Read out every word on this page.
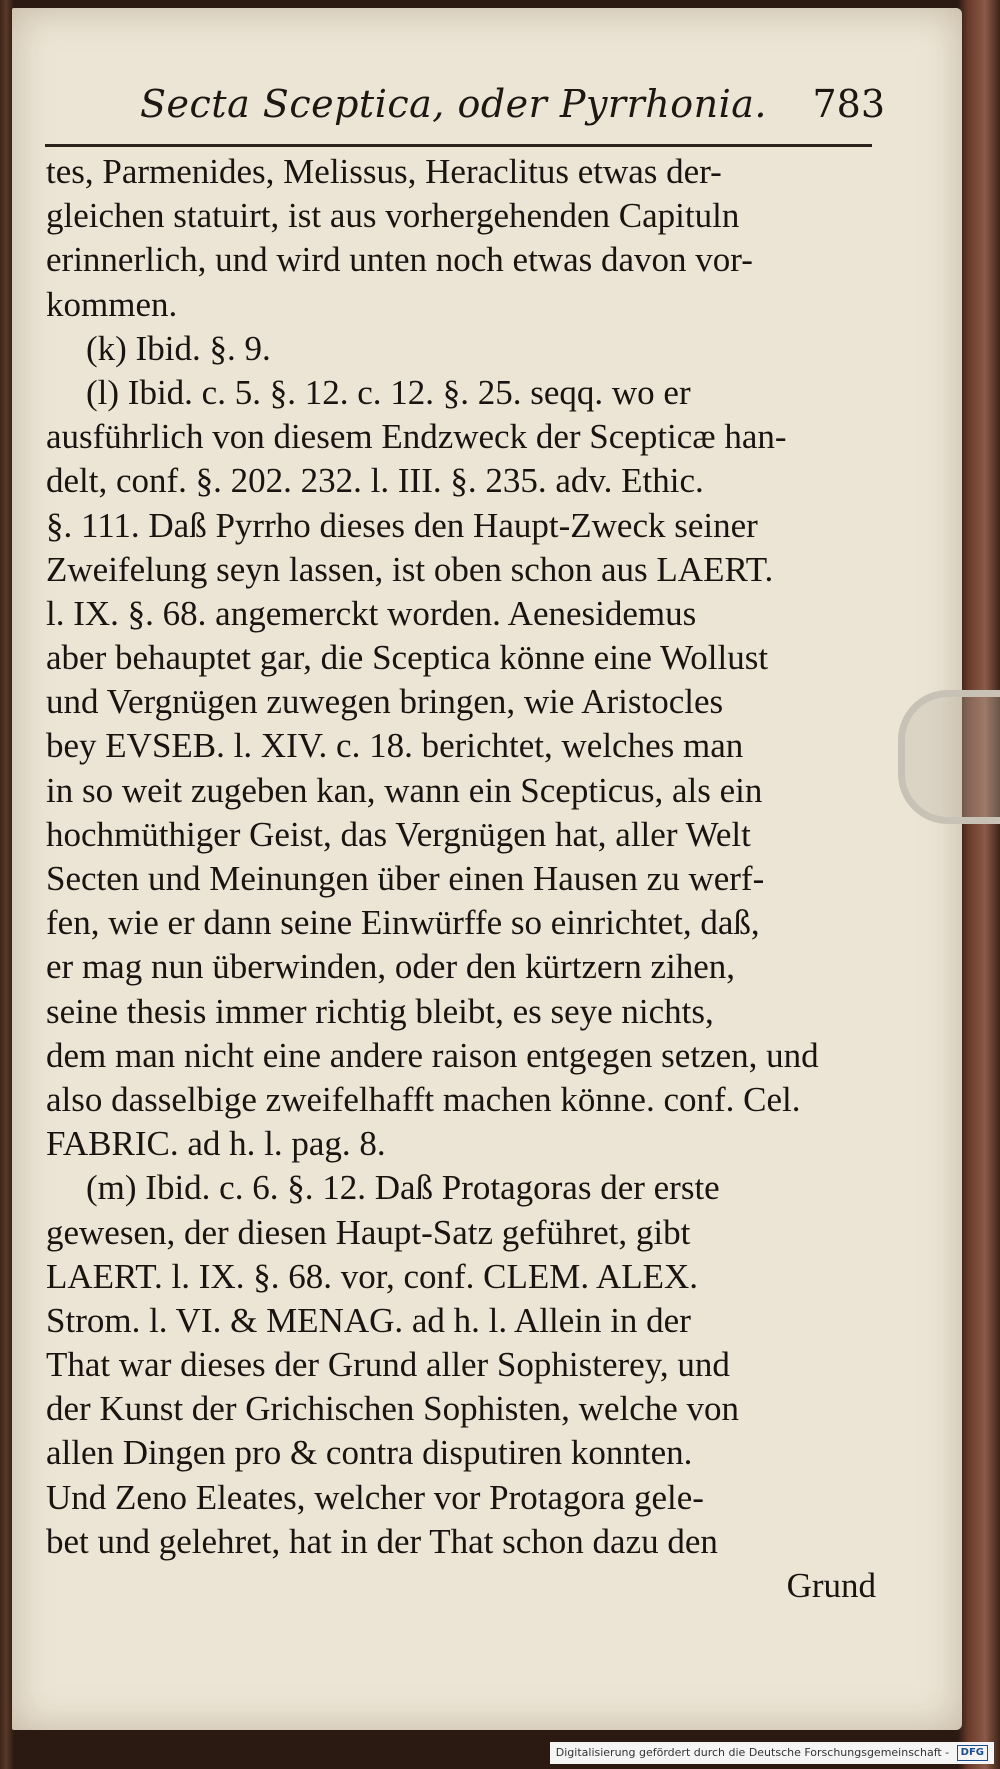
Secta Sceptica, oder Pyrrhonia. 783
tes, Parmenides, Melissus, Heraclitus etwas der-
gleichen statuirt, ist aus vorhergehenden Capituln
erinnerlich, und wird unten noch etwas davon vor-
kommen.
(k) Ibid. §. 9.
(l) Ibid. c. 5. §. 12. c. 12. §. 25. seqq. wo er
ausführlich von diesem Endzweck der Scepticæ han-
delt, conf. §. 202. 232. l. III. §. 235. adv. Ethic.
§. 111. Daß Pyrrho dieses den Haupt-Zweck seiner
Zweifelung seyn lassen, ist oben schon aus LAERT.
l. IX. §. 68. angemerckt worden. Aenesidemus
aber behauptet gar, die Sceptica könne eine Wollust
und Vergnügen zuwegen bringen, wie Aristocles
bey EVSEB. l. XIV. c. 18. berichtet, welches man
in so weit zugeben kan, wann ein Scepticus, als ein
hochmüthiger Geist, das Vergnügen hat, aller Welt
Secten und Meinungen über einen Hausen zu werf-
fen, wie er dann seine Einwürffe so einrichtet, daß,
er mag nun überwinden, oder den kürtzern zihen,
seine thesis immer richtig bleibt, es seye nichts,
dem man nicht eine andere raison entgegen setzen, und
also dasselbige zweifelhafft machen könne. conf. Cel.
FABRIC. ad h. l. pag. 8.
(m) Ibid. c. 6. §. 12. Daß Protagoras der erste
gewesen, der diesen Haupt-Satz geführet, gibt
LAERT. l. IX. §. 68. vor, conf. CLEM. ALEX.
Strom. l. VI. & MENAG. ad h. l. Allein in der
That war dieses der Grund aller Sophisterey, und
der Kunst der Grichischen Sophisten, welche von
allen Dingen pro & contra disputiren konnten.
Und Zeno Eleates, welcher vor Protagora gele-
bet und gelehret, hat in der That schon dazu den
Grund
Digitalisierung gefördert durch die Deutsche Forschungsgemeinschaft - DFG
